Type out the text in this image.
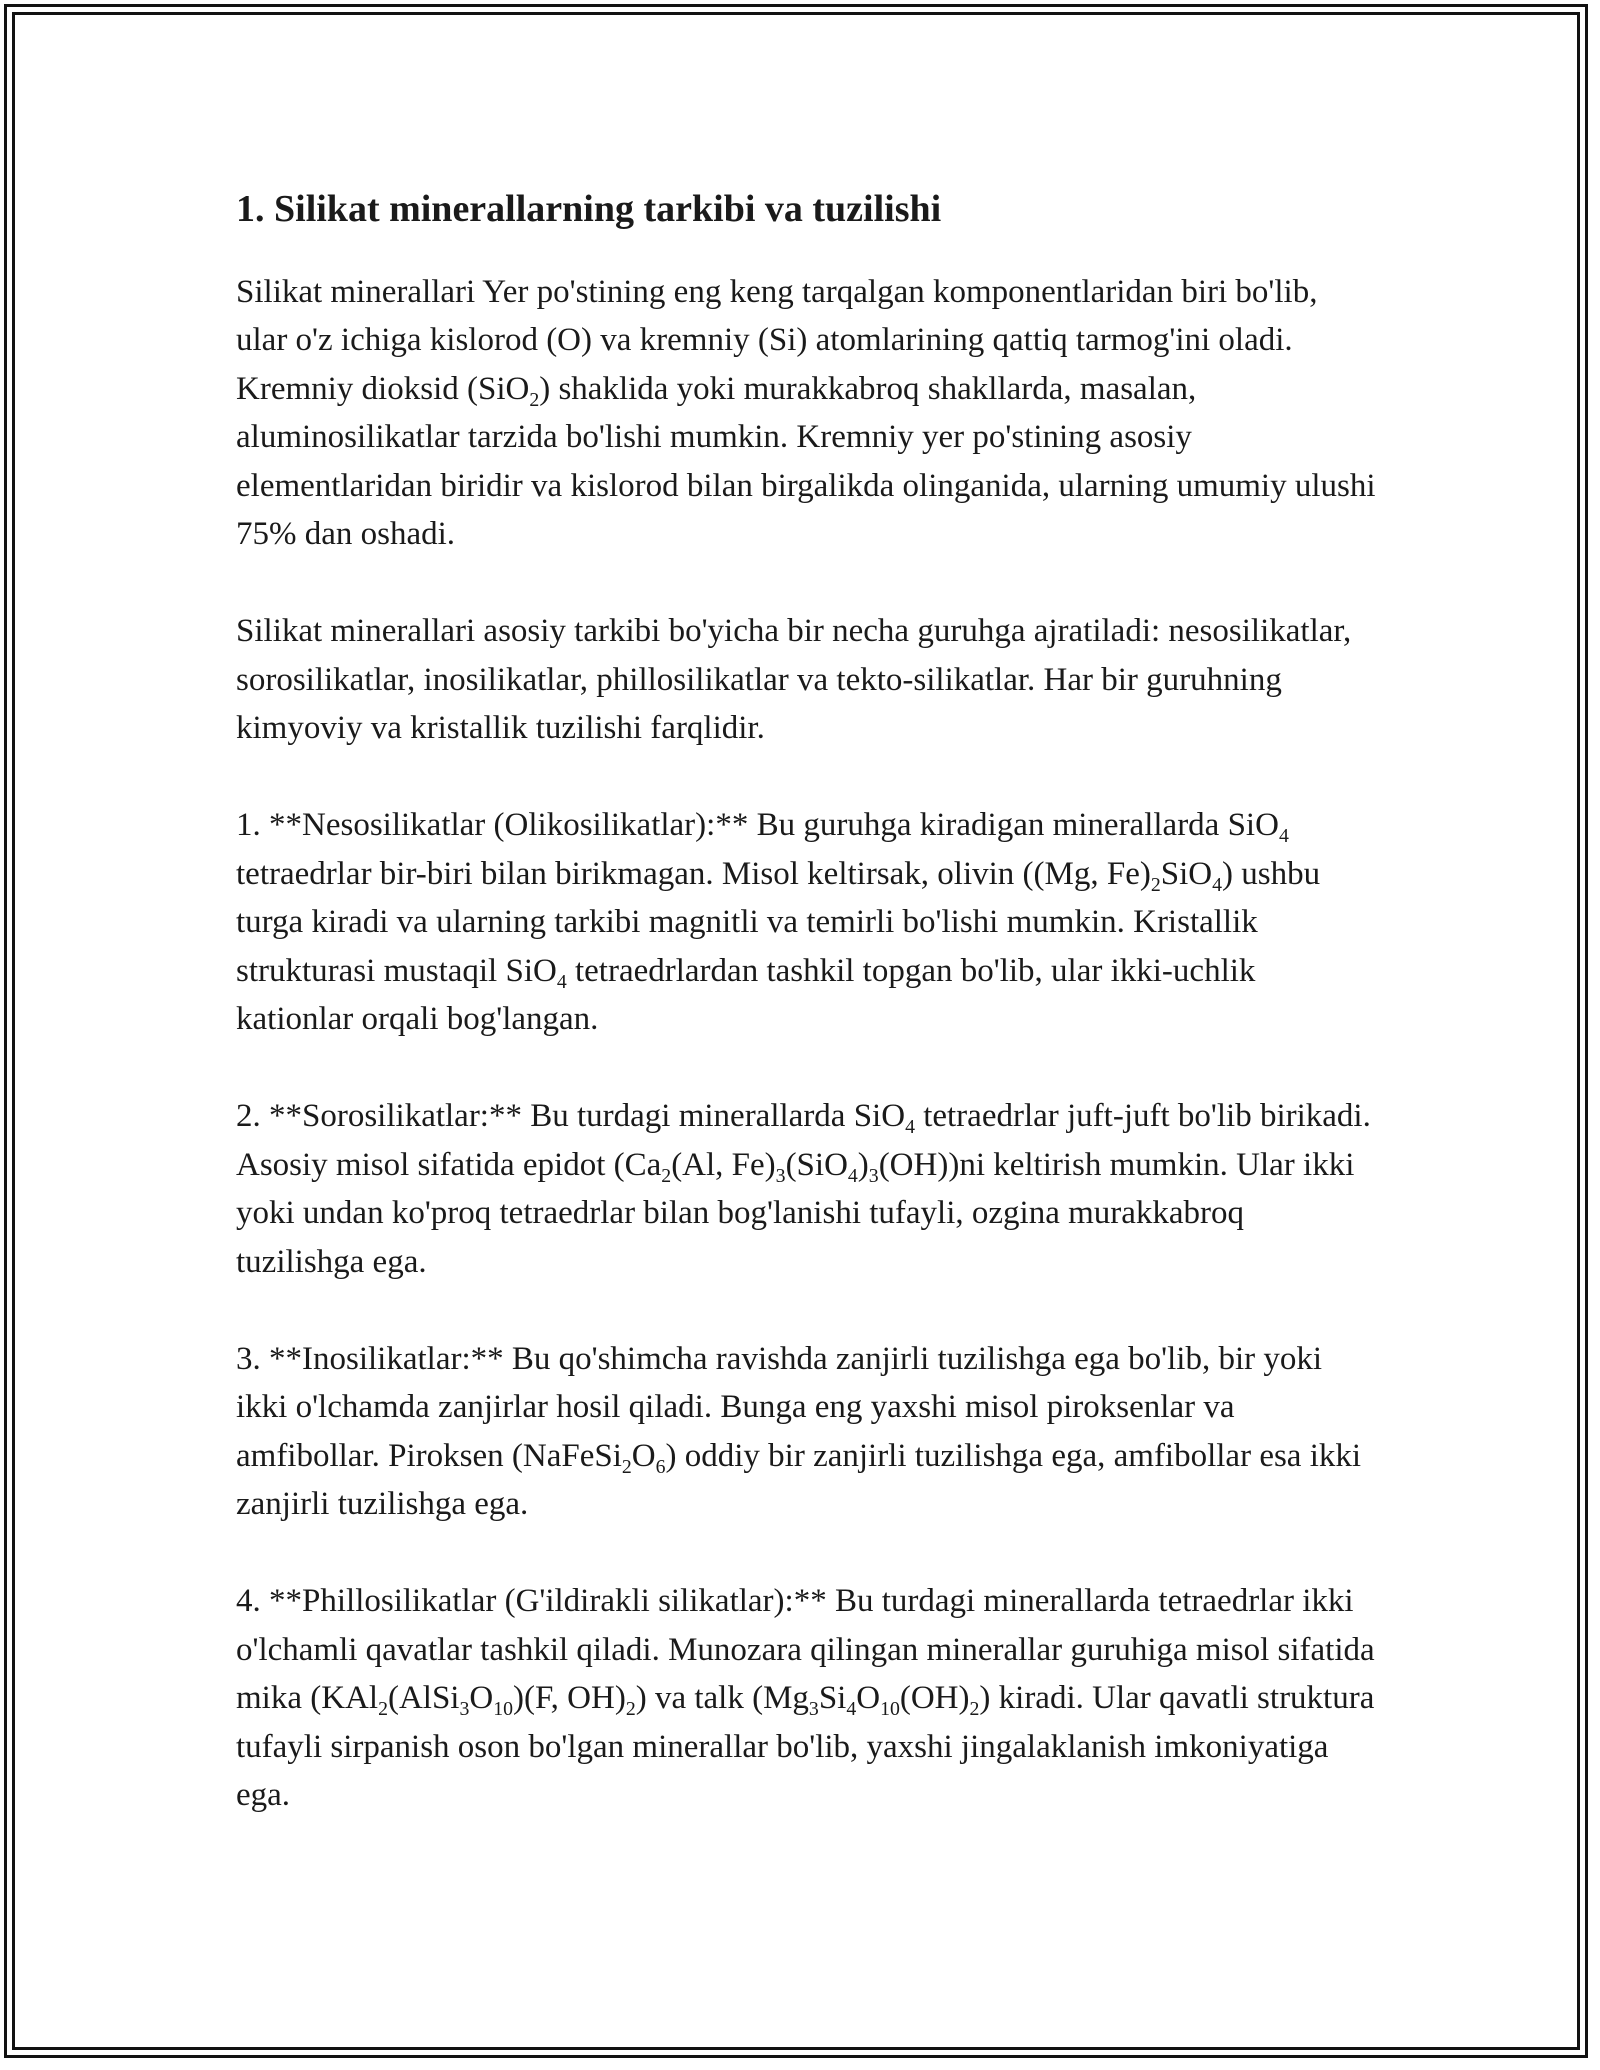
1. Silikat minerallarning tarkibi va tuzilishi

Silikat minerallari Yer po'stining eng keng tarqalgan komponentlaridan biri bo'lib, ular o'z ichiga kislorod (O) va kremniy (Si) atomlarining qattiq tarmog'ini oladi. Kremniy dioksid (SiO$_2$) shaklida yoki murakkabroq shakllarda, masalan, aluminosilikatlar tarzida bo'lishi mumkin. Kremniy yer po'stining asosiy elementlaridan biridir va kislorod bilan birgalikda olinganida, ularning umumiy ulushi 75% dan oshadi.

Silikat minerallari asosiy tarkibi bo'yicha bir necha guruhga ajratiladi: nesosilikatlar, sorosilikatlar, inosilikatlar, phillosilikatlar va tekto-silikatlar. Har bir guruhning kimyoviy va kristallik tuzilishi farqlidir.

1. **Nesosilikatlar (Olikosilikatlar):** Bu guruhga kiradigan minerallarda SiO$_4$ tetraedrlar bir-biri bilan birikmagan. Misol keltirsak, olivin ((Mg, $Fe)_2SiO_4$) ushbu turga kiradi va ularning tarkibi magnitli va temirli bo'lishi mumkin. Kristallik strukturasi mustaqil SiO$_4$ tetraedrlardan tashkil topgan bo'lib, ular ikki-uchlik kationlar orqali bog'langan.

2. **Sorosilikatlar:** Bu turdagi minerallarda SiO$_4$ tetraedrlar juft-juft bo'lib birikadi. Asosiy misol sifatida epidot ($Ca_2(Al$, $Fe)_3(SiO_4)_3(OH))ni$ keltirish mumkin. Ular ikki yoki undan ko'proq tetraedrlar bilan bog'lanishi tufayli, ozgina murakkabroq tuzilishga ega.

3. **Inosilikatlar:** Bu qo'shimcha ravishda zanjirli tuzilishga ega bo'lib, bir yoki ikki o'lchamda zanjirlar hosil qiladi. Bunga eng yaxshi misol piroksenlar va amfibollar. Piroksen $(NaFeSi_2O_6)$ oddiy bir zanjirli tuzilishga ega, amfibollar esa ikki zanjirli tuzilishga ega.

4. **Phillosilikatlar (G'ildirakli silikatlar):** Bu turdagi minerallarda tetraedrlar ikki o'lchamli qavatlar tashkil qiladi. Munozara qilingan minerallar guruhiga misol sifatida mika ($KAl_2(AlSi_3O_{10})(F$, $OH)_2$) va talk $(Mg_3Si_4O_{10}(OH)_2)$ kiradi. Ular qavatli struktura tufayli sirpanish oson bo'lgan minerallar bo'lib, yaxshi jingalaklanish imkoniyatiga ega.
